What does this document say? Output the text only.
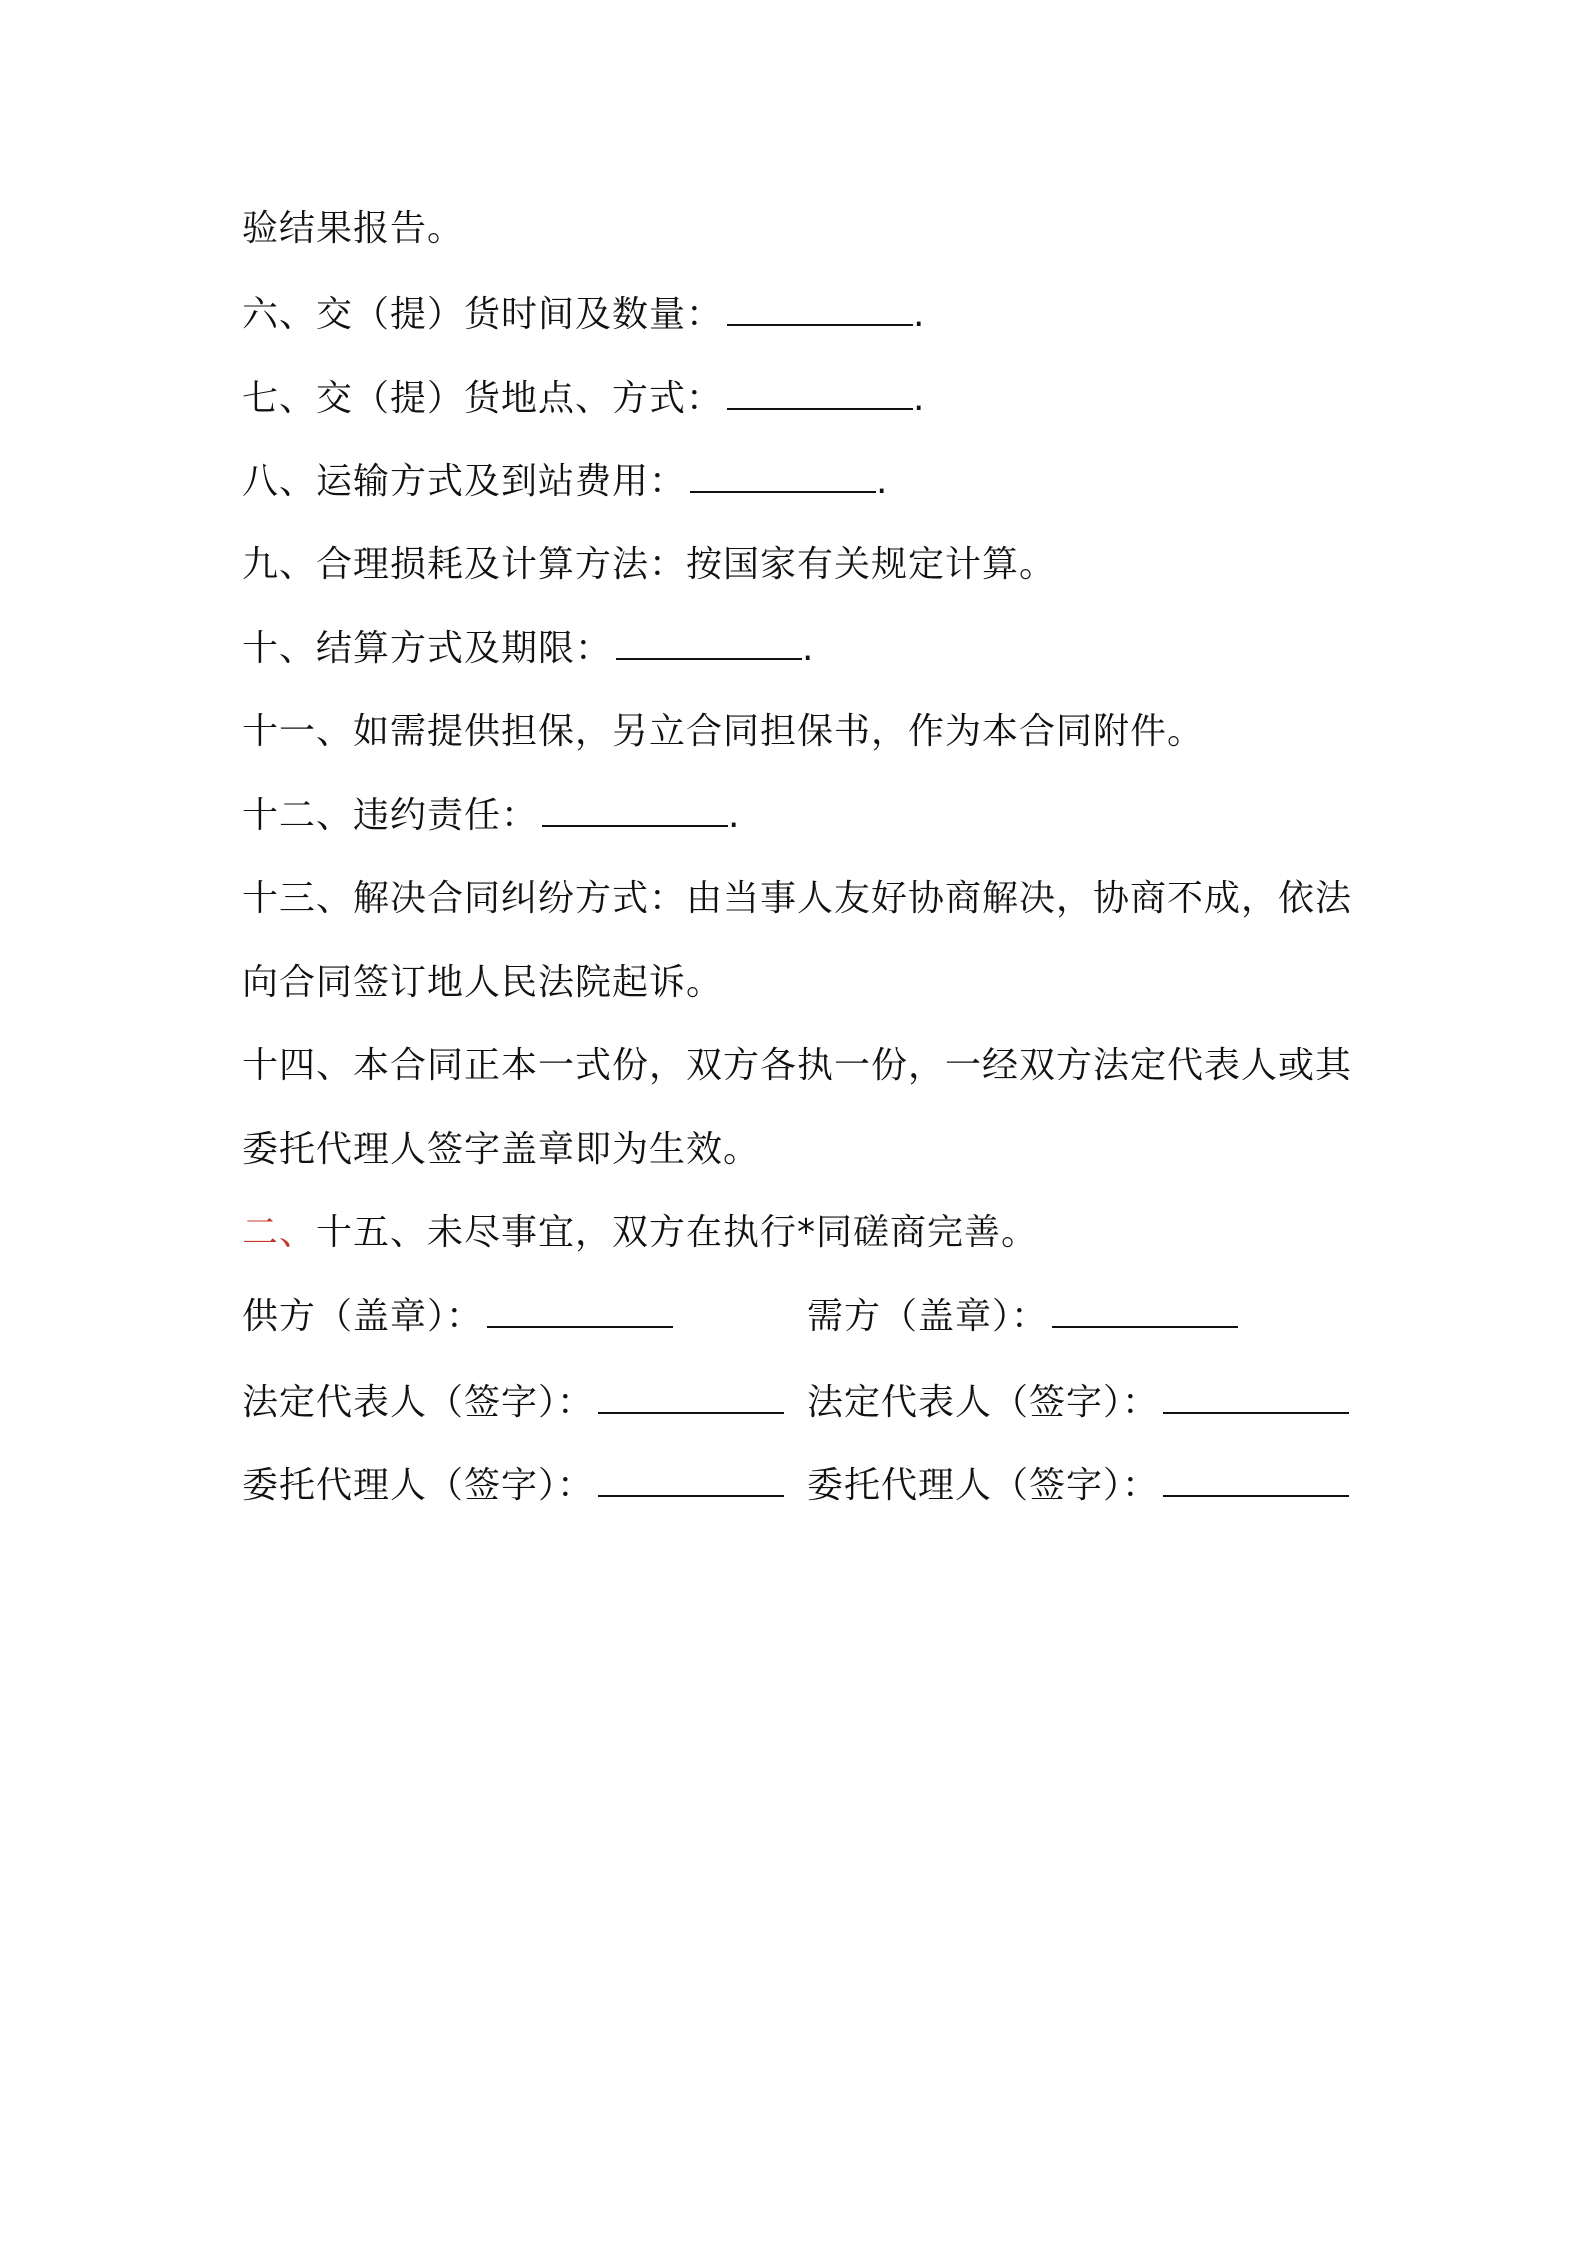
验结果报告。
六、交（提）货时间及数量：	.
七、交（提）货地点、方式：	.
八、运输方式及到站费用：	.
九、合理损耗及计算方法：按国家有关规定计算。
十、结算方式及期限：	.
十一、如需提供担保，另立合同担保书，作为本合同附件。
十二、违约责任：	.
十三、解决合同纠纷方式：由当事人友好协商解决，协商不成，依法
向合同签订地人民法院起诉。
十四、本合同正本一式份，双方各执一份，一经双方法定代表人或其
委托代理人签字盖章即为生效。
二、十五、未尽事宜，双方在执行*同磋商完善。
供方（盖章）：	需方（盖章）：
法定代表人（签字）：	法定代表人（签字）：
委托代理人（签字）：	委托代理人（签字）：
